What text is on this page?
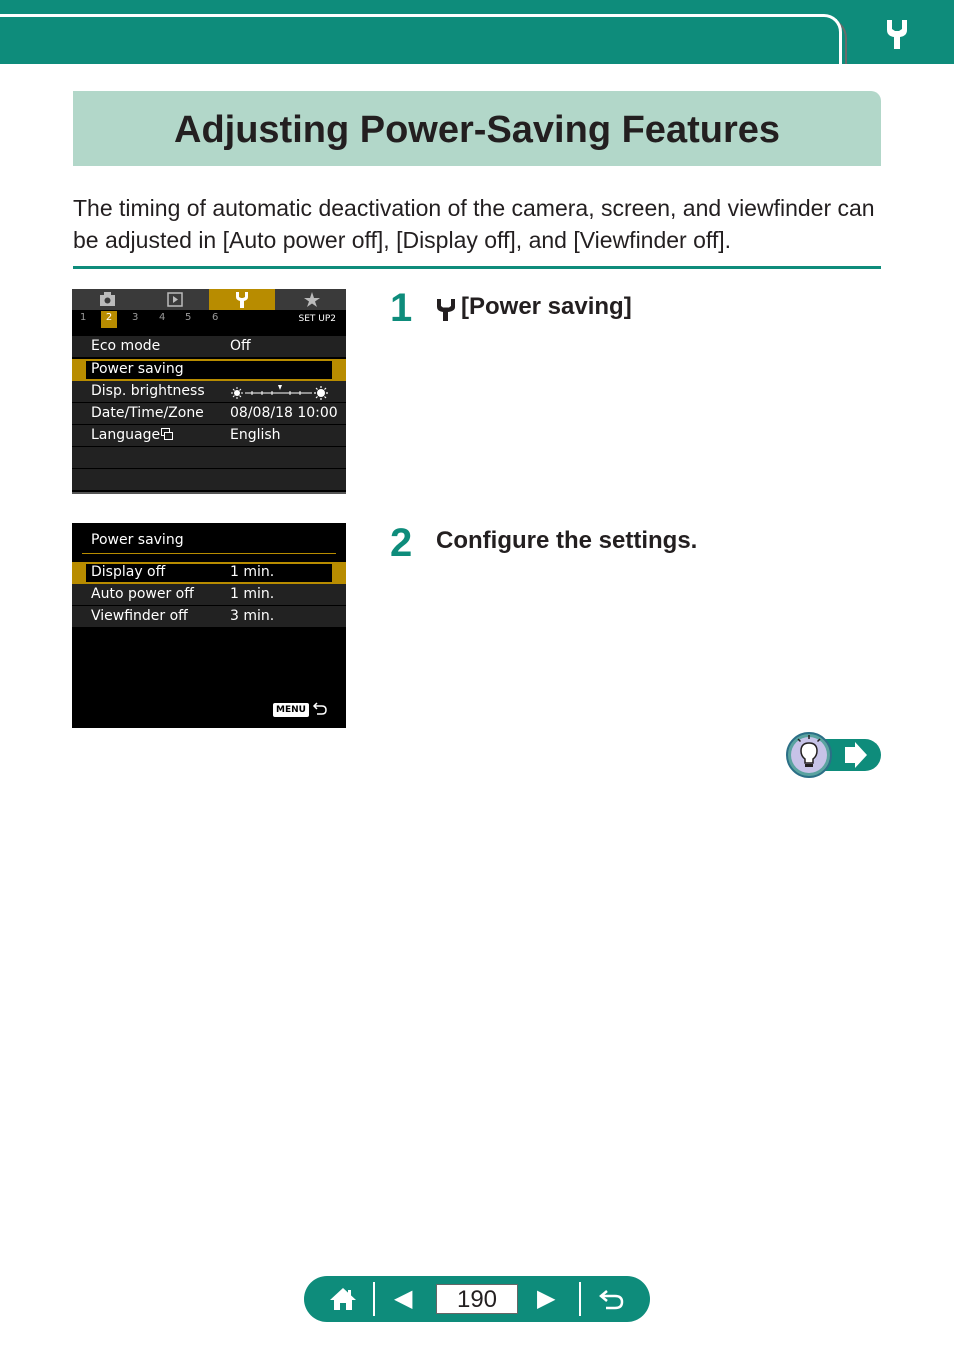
Adjusting Power-Saving Features

The timing of automatic deactivation of the camera, screen, and viewfinder can be adjusted in [Auto power off], [Display off], and [Viewfinder off].

1	2	3 4 5 6	SET UP2
Eco mode	Off
Power saving
Disp. brightness
Date/Time/Zone 08/08/18 10:00
Language	English
Power saving
Display off	1 min.
Auto power off	1 min.
Viewfinder off	3 min.
MENU
1 [Power saving]
2 Configure the settings.
◀	190	▶
